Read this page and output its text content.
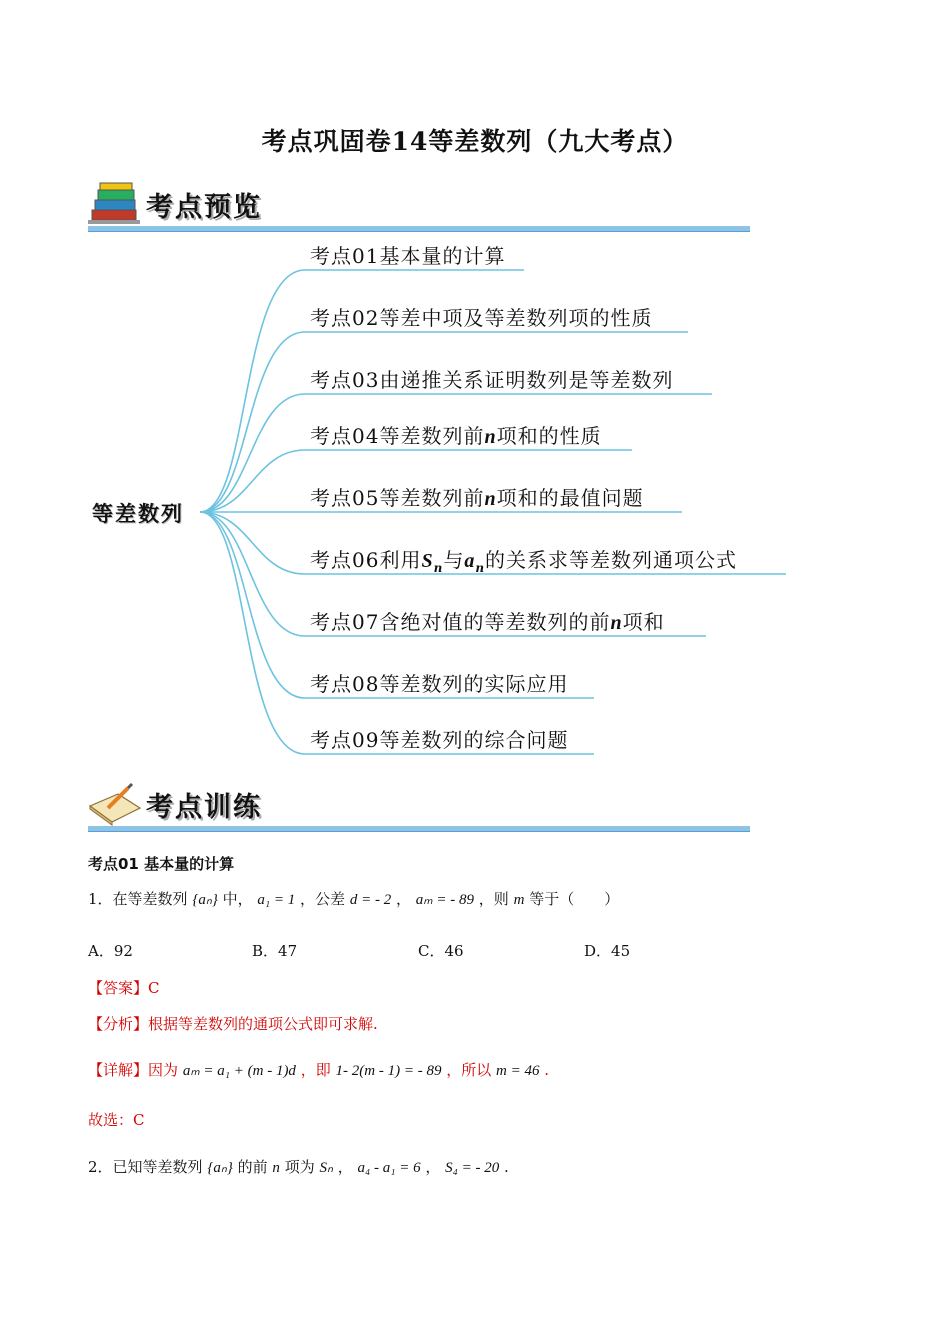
考点巩固卷14等差数列（九大考点）
考点预览
等差数列
考点01基本量的计算
考点02等差中项及等差数列项的性质
考点03由递推关系证明数列是等差数列
考点04等差数列前n项和的性质
考点05等差数列前n项和的最值问题
考点06利用$S_n$与$a_n$的关系求等差数列通项公式
考点07含绝对值的等差数列的前n项和
考点08等差数列的实际应用
考点09等差数列的综合问题
考点训练
考点01 基本量的计算
1．在等差数列 {aₙ} 中， a₁ = 1 ，公差 d = - 2 ， aₘ = - 89 ，则 m 等于（　　）
A．92	B．47	C．46	D．45
【答案】C
【分析】根据等差数列的通项公式即可求解.
【详解】因为 aₘ = a₁ + (m - 1)d ，即 1- 2(m - 1) = - 89 ，所以 m = 46 .
故选：C
2．已知等差数列 {aₙ} 的前 n 项为 Sₙ ， a₄ - a₁ = 6 ， S₄ = - 20 .
